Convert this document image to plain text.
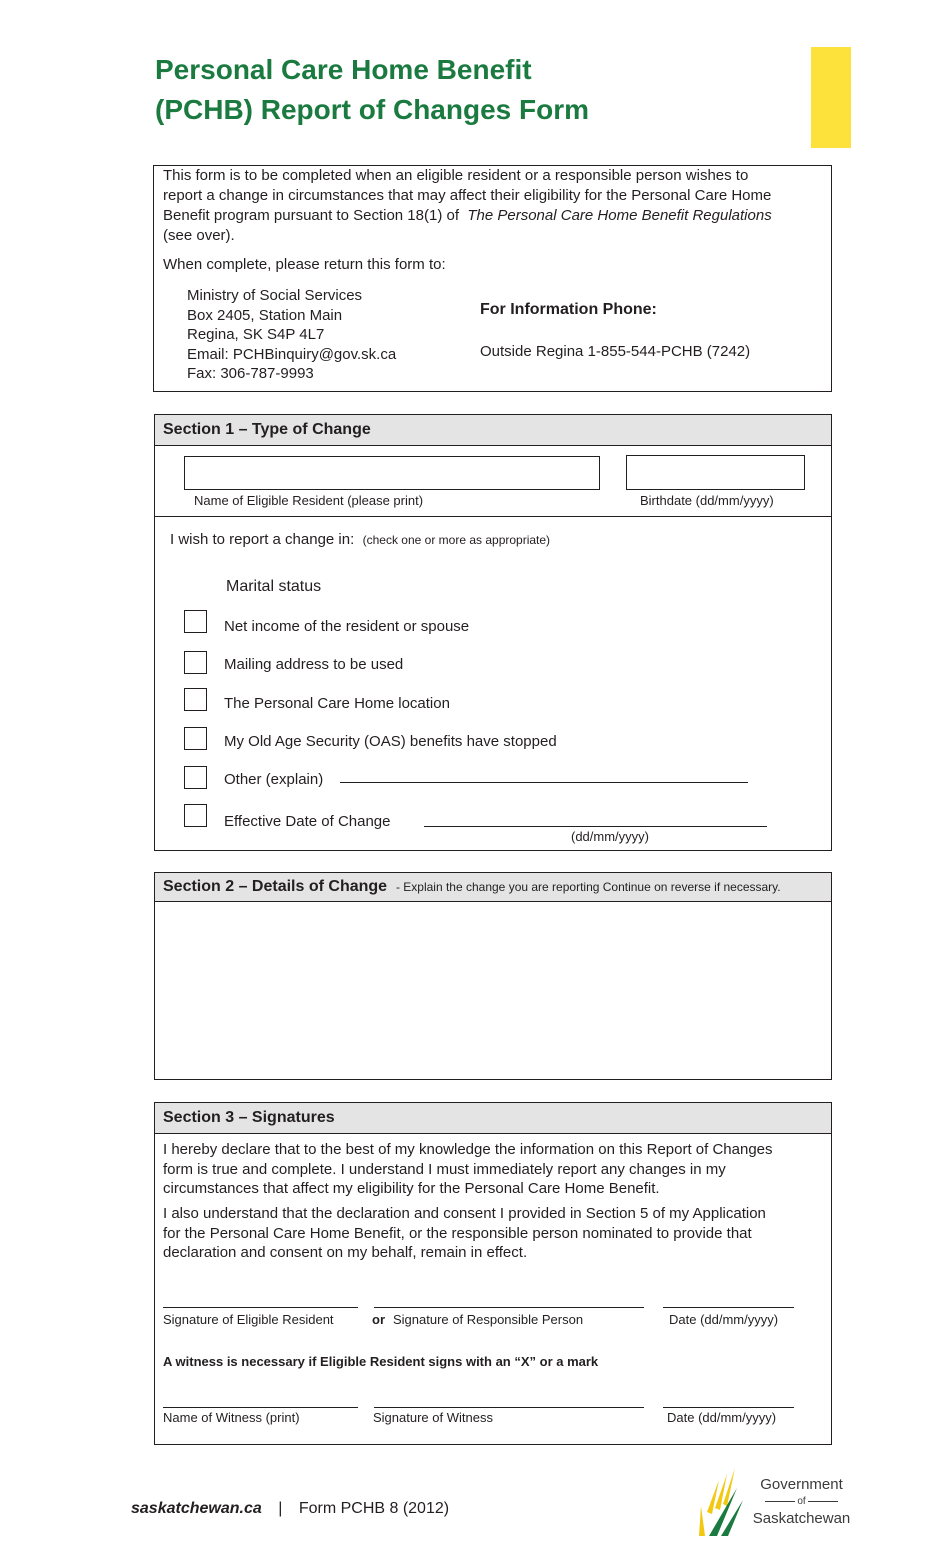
Personal Care Home Benefit
(PCHB) Report of Changes Form
This form is to be completed when an eligible resident or a responsible person wishes to
report a change in circumstances that may affect their eligibility for the Personal Care Home
Benefit program pursuant to Section 18(1) of The Personal Care Home Benefit Regulations
(see over).
When complete, please return this form to:
Ministry of Social Services
Box 2405, Station Main
Regina, SK S4P 4L7
Email: PCHBinquiry@gov.sk.ca
Fax: 306-787-9993
For Information Phone:
Outside Regina 1-855-544-PCHB (7242)
Section 1 – Type of Change
Name of Eligible Resident (please print)	Birthdate (dd/mm/yyyy)
I wish to report a change in: (check one or more as appropriate)
Marital status
Net income of the resident or spouse
Mailing address to be used
The Personal Care Home location
My Old Age Security (OAS) benefits have stopped
Other (explain)
Effective Date of Change
(dd/mm/yyyy)
Section 2 – Details of Change - Explain the change you are reporting Continue on reverse if necessary.
Section 3 – Signatures
I hereby declare that to the best of my knowledge the information on this Report of Changes
form is true and complete. I understand I must immediately report any changes in my
circumstances that affect my eligibility for the Personal Care Home Benefit.
I also understand that the declaration and consent I provided in Section 5 of my Application
for the Personal Care Home Benefit, or the responsible person nominated to provide that
declaration and consent on my behalf, remain in effect.
Signature of Eligible Resident	or Signature of Responsible Person	Date (dd/mm/yyyy)
A witness is necessary if Eligible Resident signs with an “X” or a mark
Name of Witness (print)	Signature of Witness	Date (dd/mm/yyyy)
saskatchewan.ca | Form PCHB 8 (2012)
Government
of
Saskatchewan
